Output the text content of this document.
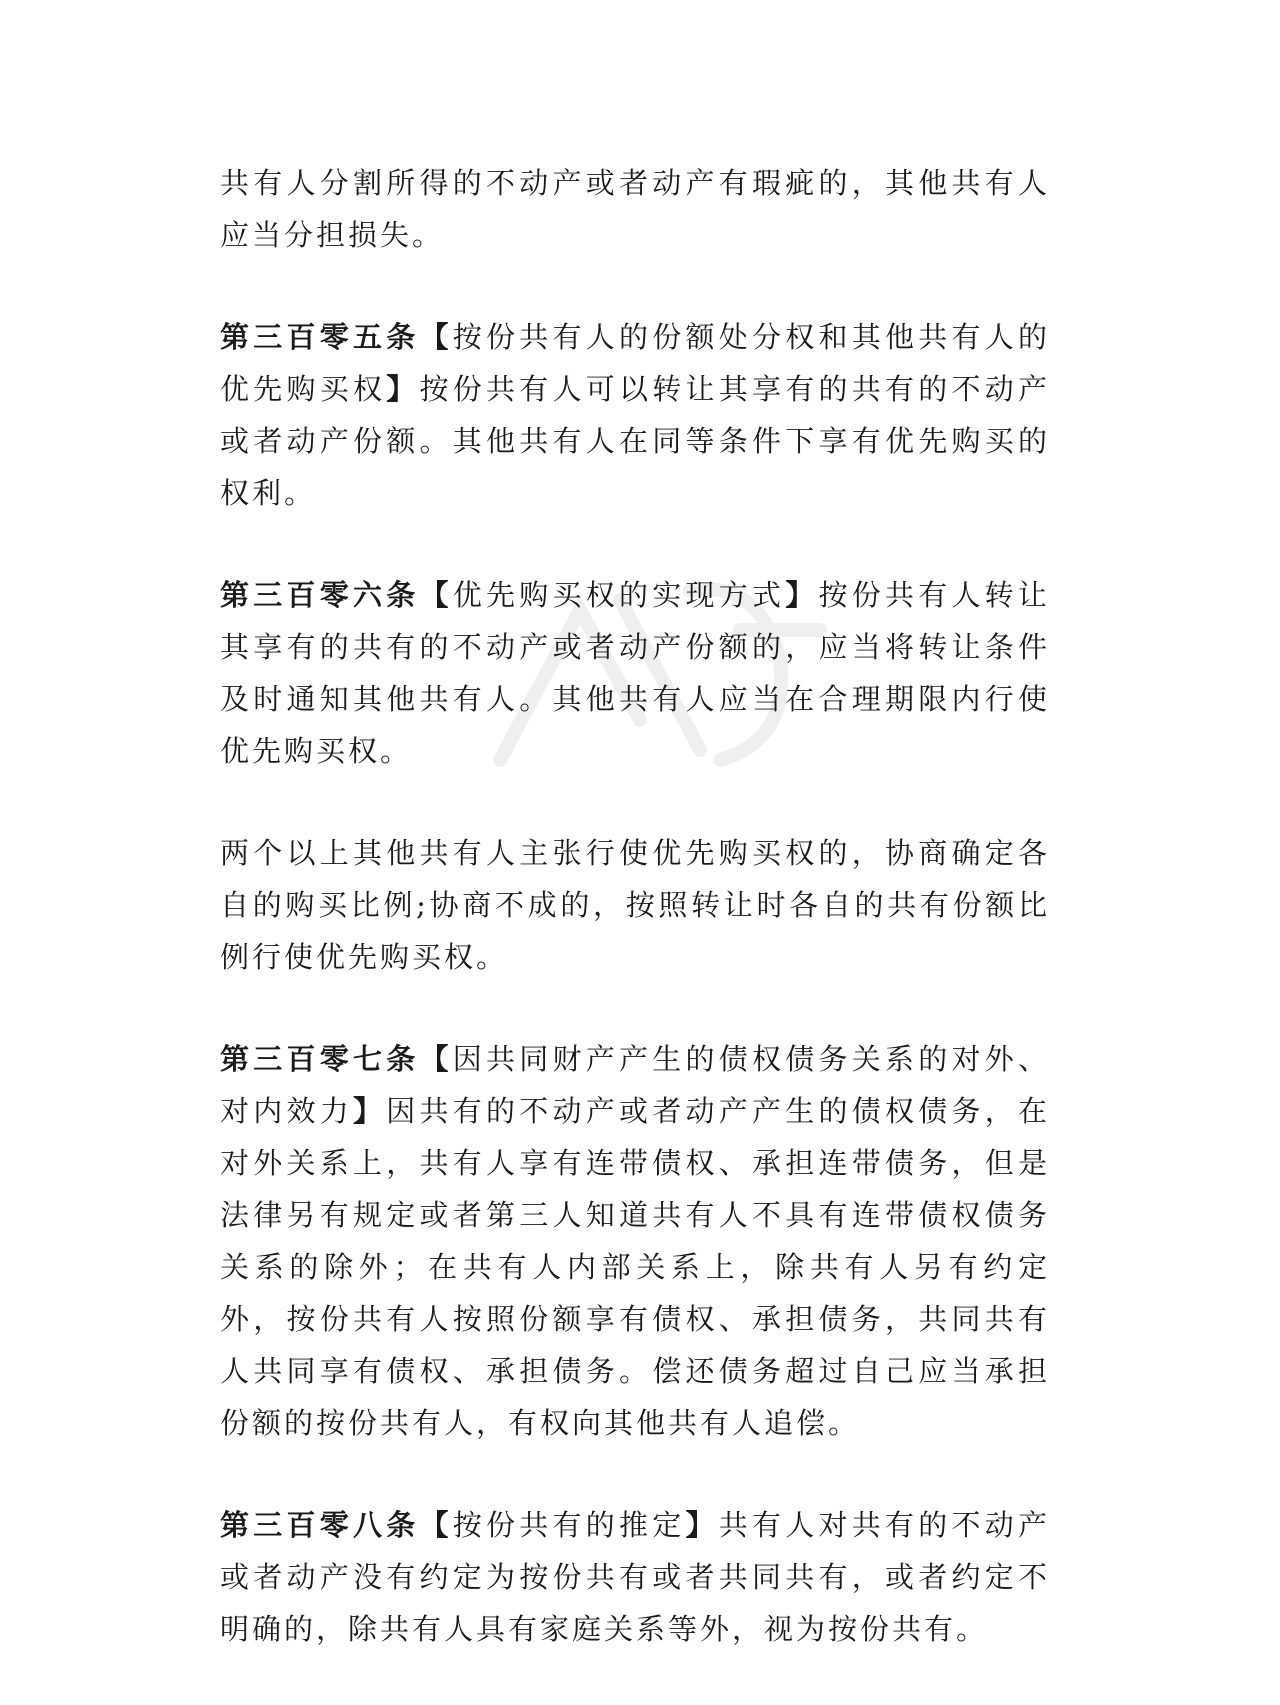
共有人分割所得的不动产或者动产有瑕疵的，其他共有人应当分担损失。

第三百零五条【按份共有人的份额处分权和其他共有人的优先购买权】按份共有人可以转让其享有的共有的不动产或者动产份额。其他共有人在同等条件下享有优先购买的权利。

第三百零六条【优先购买权的实现方式】按份共有人转让其享有的共有的不动产或者动产份额的，应当将转让条件及时通知其他共有人。其他共有人应当在合理期限内行使优先购买权。

两个以上其他共有人主张行使优先购买权的，协商确定各自的购买比例;协商不成的，按照转让时各自的共有份额比例行使优先购买权。

第三百零七条【因共同财产产生的债权债务关系的对外、对内效力】因共有的不动产或者动产产生的债权债务，在对外关系上，共有人享有连带债权、承担连带债务，但是法律另有规定或者第三人知道共有人不具有连带债权债务关系的除外；在共有人内部关系上，除共有人另有约定外，按份共有人按照份额享有债权、承担债务，共同共有人共同享有债权、承担债务。偿还债务超过自己应当承担份额的按份共有人，有权向其他共有人追偿。

第三百零八条【按份共有的推定】共有人对共有的不动产或者动产没有约定为按份共有或者共同共有，或者约定不明确的，除共有人具有家庭关系等外，视为按份共有。
